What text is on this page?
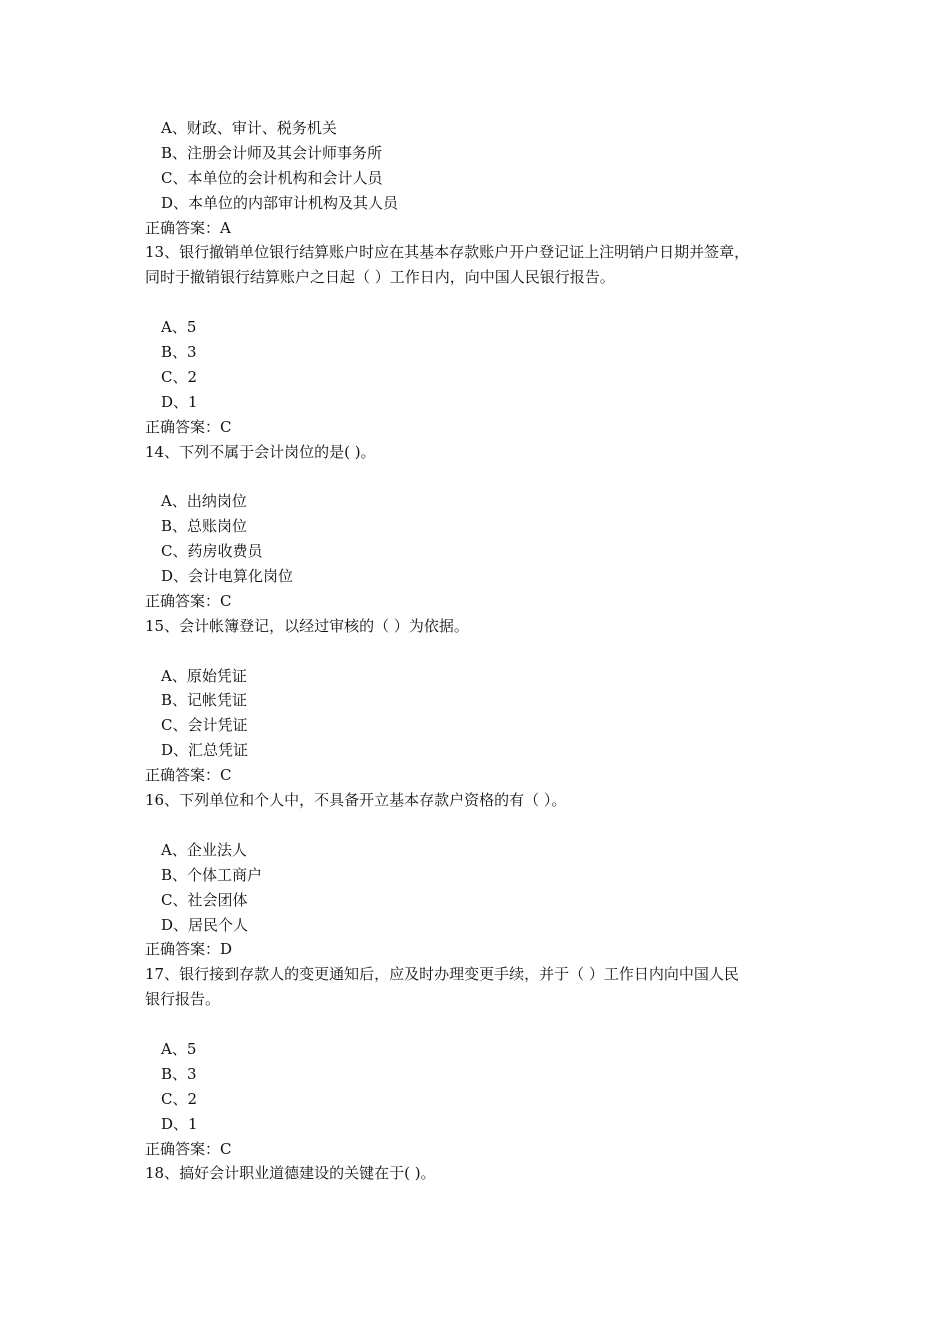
A、财政、审计、税务机关
B、注册会计师及其会计师事务所
C、本单位的会计机构和会计人员
D、本单位的内部审计机构及其人员
正确答案：A
13、银行撤销单位银行结算账户时应在其基本存款账户开户登记证上注明销户日期并签章，
同时于撤销银行结算账户之日起（ ）工作日内，向中国人民银行报告。
A、5
B、3
C、2
D、1
正确答案：C
14、下列不属于会计岗位的是( )。
A、出纳岗位
B、总账岗位
C、药房收费员
D、会计电算化岗位
正确答案：C
15、会计帐簿登记，以经过审核的（ ）为依据。
A、原始凭证
B、记帐凭证
C、会计凭证
D、汇总凭证
正确答案：C
16、下列单位和个人中，不具备开立基本存款户资格的有（ ）。
A、企业法人
B、个体工商户
C、社会团体
D、居民个人
正确答案：D
17、银行接到存款人的变更通知后，应及时办理变更手续，并于（ ）工作日内向中国人民
银行报告。
A、5
B、3
C、2
D、1
正确答案：C
18、搞好会计职业道德建设的关键在于( )。
